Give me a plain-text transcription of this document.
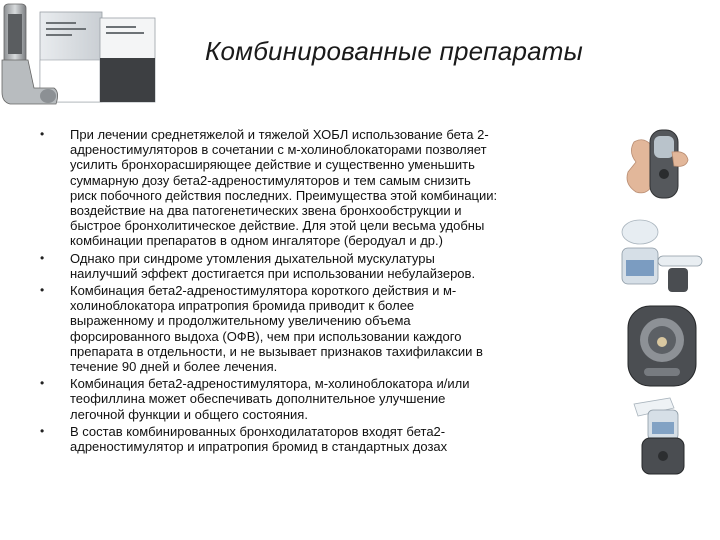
Комбинированные препараты
•	При лечении среднетяжелой и тяжелой ХОБЛ использование бета 2-
адреностимуляторов в сочетании с м-холиноблокаторами позволяет
усилить бронхорасширяющее действие и существенно уменьшить
суммарную дозу бета2-адреностимуляторов и тем самым снизить
риск побочного действия последних. Преимущества этой комбинации:
воздействие на два патогенетических звена бронхообструкции и
быстрое бронхолитическое действие. Для этой цели весьма удобны
комбинации препаратов в одном ингаляторе (беродуал и др.)
•	Однако при синдроме утомления дыхательной мускулатуры
наилучший эффект достигается при использовании небулайзеров.
•	Комбинация бета2-адреностимулятора короткого действия и м-
холиноблокатора ипратропия бромида приводит к более
выраженному и продолжительному увеличению объема
форсированного выдоха (ОФВ), чем при использовании каждого
препарата в отдельности, и не вызывает признаков тахифилаксии в
течение 90 дней и более лечения.
•	Комбинация бета2-адреностимулятора, м-холиноблокатора и/или
теофиллина может обеспечивать дополнительное улучшение
легочной функции и общего состояния.
•	В состав комбинированных бронходилататоров входят бета2-
адреностимулятор и ипратропия бромид в стандартных дозах
